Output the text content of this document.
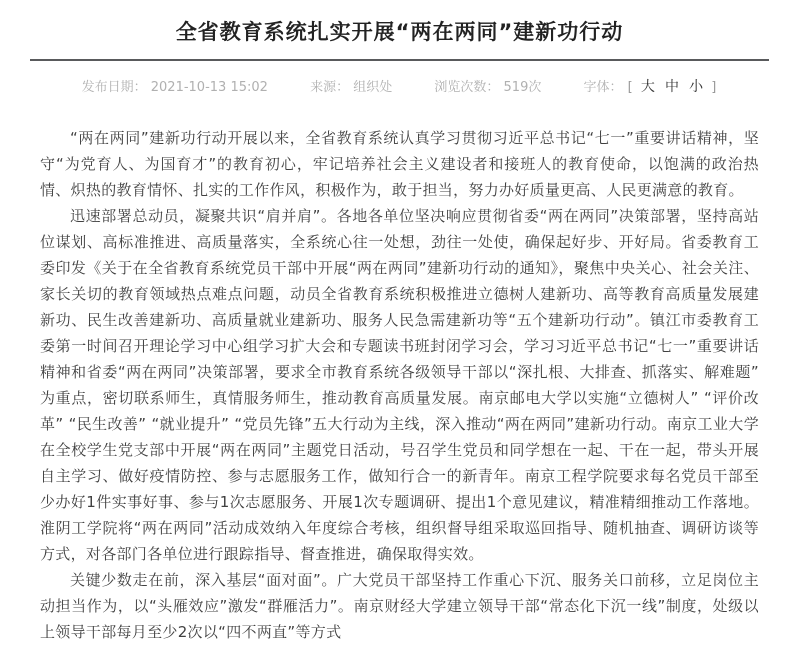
全省教育系统扎实开展“两在两同”建新功行动
发布日期： 2021-10-13 15:02	来源： 组织处	浏览次数： 519次	字体： [ 大 中 小 ]

“两在两同”建新功行动开展以来，全省教育系统认真学习贯彻习近平总书记“七一”重要讲话精神，坚守“为党育人、为国育才”的教育初心，牢记培养社会主义建设者和接班人的教育使命，以饱满的政治热情、炽热的教育情怀、扎实的工作作风，积极作为，敢于担当，努力办好质量更高、人民更满意的教育。

迅速部署总动员，凝聚共识“肩并肩”。各地各单位坚决响应贯彻省委“两在两同”决策部署，坚持高站位谋划、高标准推进、高质量落实，全系统心往一处想，劲往一处使，确保起好步、开好局。省委教育工委印发《关于在全省教育系统党员干部中开展“两在两同”建新功行动的通知》，聚焦中央关心、社会关注、家长关切的教育领域热点难点问题，动员全省教育系统积极推进立德树人建新功、高等教育高质量发展建新功、民生改善建新功、高质量就业建新功、服务人民急需建新功等“五个建新功行动”。镇江市委教育工委第一时间召开理论学习中心组学习扩大会和专题读书班封闭学习会，学习习近平总书记“七一”重要讲话精神和省委“两在两同”决策部署，要求全市教育系统各级领导干部以“深扎根、大排查、抓落实、解难题”为重点，密切联系师生，真情服务师生，推动教育高质量发展。南京邮电大学以实施“立德树人” “评价改革” “民生改善” “就业提升” “党员先锋”五大行动为主线，深入推动“两在两同”建新功行动。南京工业大学在全校学生党支部中开展“两在两同”主题党日活动，号召学生党员和同学想在一起、干在一起，带头开展自主学习、做好疫情防控、参与志愿服务工作，做知行合一的新青年。南京工程学院要求每名党员干部至少办好1件实事好事、参与1次志愿服务、开展1次专题调研、提出1个意见建议，精准精细推动工作落地。淮阴工学院将“两在两同”活动成效纳入年度综合考核，组织督导组采取巡回指导、随机抽查、调研访谈等方式，对各部门各单位进行跟踪指导、督查推进，确保取得实效。

关键少数走在前，深入基层“面对面”。广大党员干部坚持工作重心下沉、服务关口前移，立足岗位主动担当作为，以“头雁效应”激发“群雁活力”。南京财经大学建立领导干部“常态化下沉一线”制度，处级以上领导干部每月至少2次以“四不两直”等方式
